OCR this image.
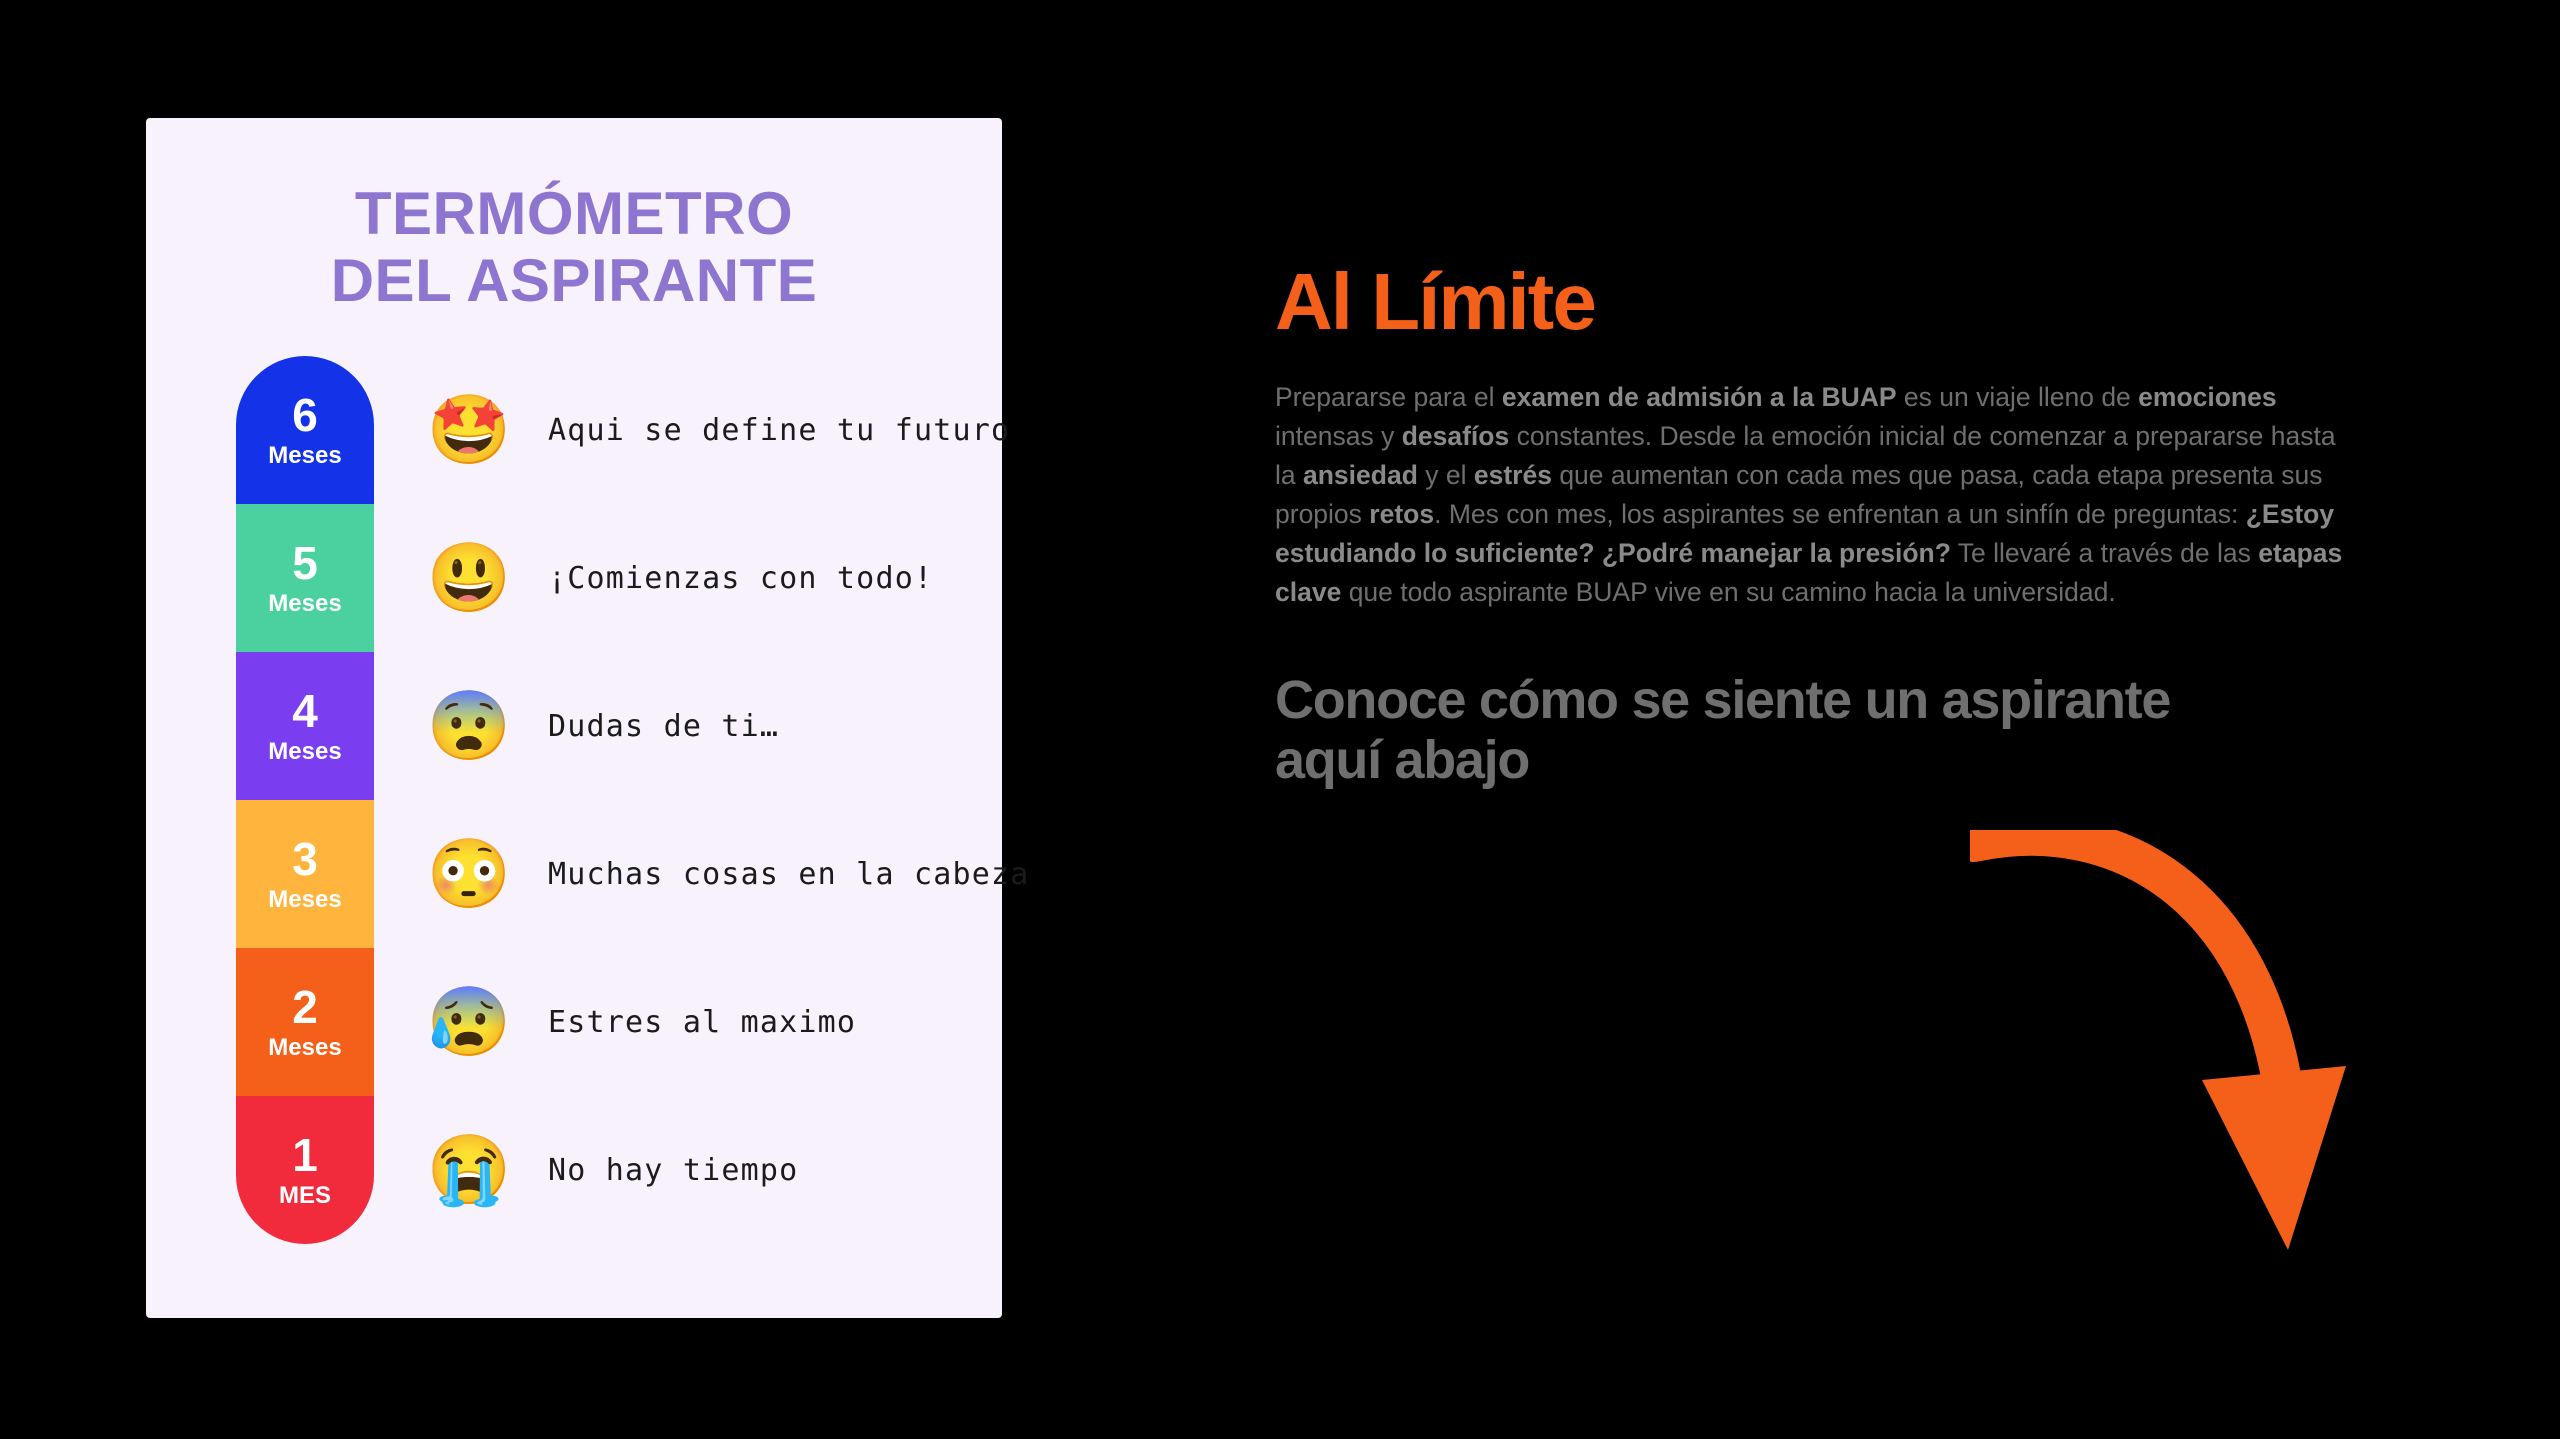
TERMÓMETRO
DEL ASPIRANTE
6
Meses 🤩 Aqui se define tu futuro
5
Meses 😃 ¡Comienzas con todo!
4
Meses 😨 Dudas de ti…
3
Meses 😳 Muchas cosas en la cabeza
2
Meses 😰 Estres al maximo
1
MES 😭 No hay tiempo
Al Límite
Prepararse para el examen de admisión a la BUAP es un viaje lleno de emociones intensas y desafíos constantes. Desde la emoción inicial de comenzar a prepararse hasta la ansiedad y el estrés que aumentan con cada mes que pasa, cada etapa presenta sus propios retos. Mes con mes, los aspirantes se enfrentan a un sinfín de preguntas: ¿Estoy estudiando lo suficiente? ¿Podré manejar la presión? Te llevaré a través de las etapas clave que todo aspirante BUAP vive en su camino hacia la universidad.
Conoce cómo se siente un aspirante aquí abajo
